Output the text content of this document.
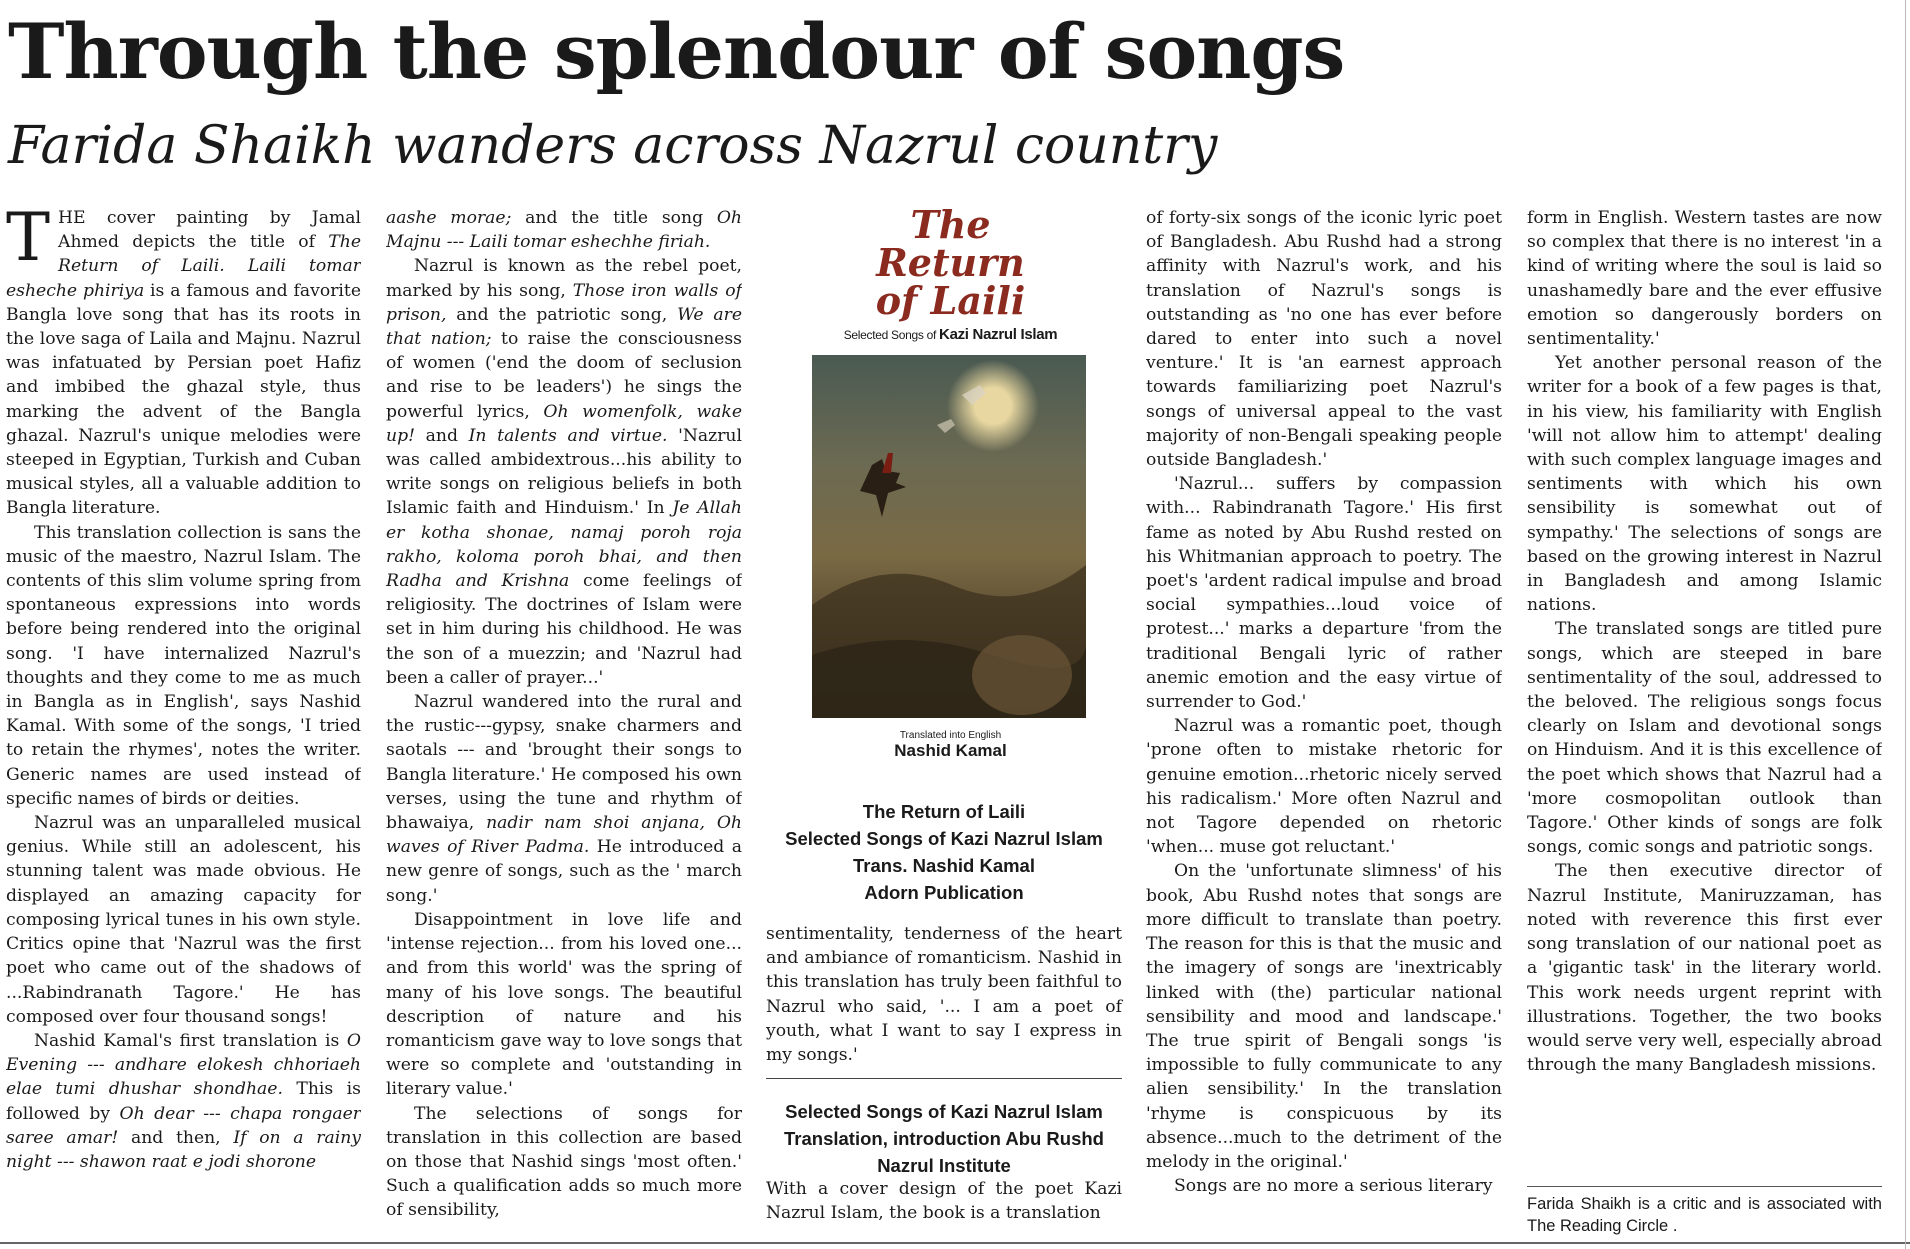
Through the splendour of songs
Farida Shaikh wanders across Nazrul country

THE cover painting by Jamal Ahmed depicts the title of The Return of Laili. Laili tomar esheche phiriya is a famous and favorite Bangla love song that has its roots in the love saga of Laila and Majnu. Nazrul was infatuated by Persian poet Hafiz and imbibed the ghazal style, thus marking the advent of the Bangla ghazal. Nazrul's unique melodies were steeped in Egyptian, Turkish and Cuban musical styles, all a valuable addition to Bangla literature.

This translation collection is sans the music of the maestro, Nazrul Islam. The contents of this slim volume spring from spontaneous expressions into words before being rendered into the original song. 'I have internalized Nazrul's thoughts and they come to me as much in Bangla as in English', says Nashid Kamal. With some of the songs, 'I tried to retain the rhymes', notes the writer. Generic names are used instead of specific names of birds or deities.

Nazrul was an unparalleled musical genius. While still an adolescent, his stunning talent was made obvious. He displayed an amazing capacity for composing lyrical tunes in his own style. Critics opine that 'Nazrul was the first poet who came out of the shadows of ...Rabindranath Tagore.' He has composed over four thousand songs!

Nashid Kamal's first translation is O Evening --- andhare elokesh chhoriaeh elae tumi dhushar shondhae. This is followed by Oh dear --- chapa rongaer saree amar! and then, If on a rainy night --- shawon raat e jodi shorone

aashe morae; and the title song Oh Majnu --- Laili tomar eshechhe firiah.

Nazrul is known as the rebel poet, marked by his song, Those iron walls of prison, and the patriotic song, We are that nation; to raise the consciousness of women ('end the doom of seclusion and rise to be leaders') he sings the powerful lyrics, Oh womenfolk, wake up! and In talents and virtue. 'Nazrul was called ambidextrous...his ability to write songs on religious beliefs in both Islamic faith and Hinduism.' In Je Allah er kotha shonae, namaj poroh roja rakho, koloma poroh bhai, and then Radha and Krishna come feelings of religiosity. The doctrines of Islam were set in him during his childhood. He was the son of a muezzin; and 'Nazrul had been a caller of prayer...'

Nazrul wandered into the rural and the rustic---gypsy, snake charmers and saotals --- and 'brought their songs to Bangla literature.' He composed his own verses, using the tune and rhythm of bhawaiya, nadir nam shoi anjana, Oh waves of River Padma. He introduced a new genre of songs, such as the ' march song.'

Disappointment in love life and 'intense rejection... from his loved one... and from this world' was the spring of many of his love songs. The beautiful description of nature and his romanticism gave way to love songs that were so complete and 'outstanding in literary value.'

The selections of songs for translation in this collection are based on those that Nashid sings 'most often.' Such a qualification adds so much more of sensibility,

The
Return
of Laili
Selected Songs of Kazi Nazrul Islam
Translated into English
Nashid Kamal
The Return of Laili
Selected Songs of Kazi Nazrul Islam
Trans. Nashid Kamal
Adorn Publication

sentimentality, tenderness of the heart and ambiance of romanticism. Nashid in this translation has truly been faithful to Nazrul who said, '... I am a poet of youth, what I want to say I express in my songs.'

Selected Songs of Kazi Nazrul Islam
Translation, introduction Abu Rushd
Nazrul Institute

With a cover design of the poet Kazi Nazrul Islam, the book is a translation

of forty-six songs of the iconic lyric poet of Bangladesh. Abu Rushd had a strong affinity with Nazrul's work, and his translation of Nazrul's songs is outstanding as 'no one has ever before dared to enter into such a novel venture.' It is 'an earnest approach towards familiarizing poet Nazrul's songs of universal appeal to the vast majority of non-Bengali speaking people outside Bangladesh.'

'Nazrul... suffers by compassion with... Rabindranath Tagore.' His first fame as noted by Abu Rushd rested on his Whitmanian approach to poetry. The poet's 'ardent radical impulse and broad social sympathies...loud voice of protest...' marks a departure 'from the traditional Bengali lyric of rather anemic emotion and the easy virtue of surrender to God.'

Nazrul was a romantic poet, though 'prone often to mistake rhetoric for genuine emotion...rhetoric nicely served his radicalism.' More often Nazrul and not Tagore depended on rhetoric 'when... muse got reluctant.'

On the 'unfortunate slimness' of his book, Abu Rushd notes that songs are more difficult to translate than poetry. The reason for this is that the music and the imagery of songs are 'inextricably linked with (the) particular national sensibility and mood and landscape.' The true spirit of Bengali songs 'is impossible to fully communicate to any alien sensibility.' In the translation 'rhyme is conspicuous by its absence...much to the detriment of the melody in the original.'

Songs are no more a serious literary

form in English. Western tastes are now so complex that there is no interest 'in a kind of writing where the soul is laid so unashamedly bare and the ever effusive emotion so dangerously borders on sentimentality.'

Yet another personal reason of the writer for a book of a few pages is that, in his view, his familiarity with English 'will not allow him to attempt' dealing with such complex language images and sentiments with which his own sensibility is somewhat out of sympathy.' The selections of songs are based on the growing interest in Nazrul in Bangladesh and among Islamic nations.

The translated songs are titled pure songs, which are steeped in bare sentimentality of the soul, addressed to the beloved. The religious songs focus clearly on Islam and devotional songs on Hinduism. And it is this excellence of the poet which shows that Nazrul had a 'more cosmopolitan outlook than Tagore.' Other kinds of songs are folk songs, comic songs and patriotic songs.

The then executive director of Nazrul Institute, Maniruzzaman, has noted with reverence this first ever song translation of our national poet as a 'gigantic task' in the literary world. This work needs urgent reprint with illustrations. Together, the two books would serve very well, especially abroad through the many Bangladesh missions.

Farida Shaikh is a critic and is associated with The Reading Circle .
